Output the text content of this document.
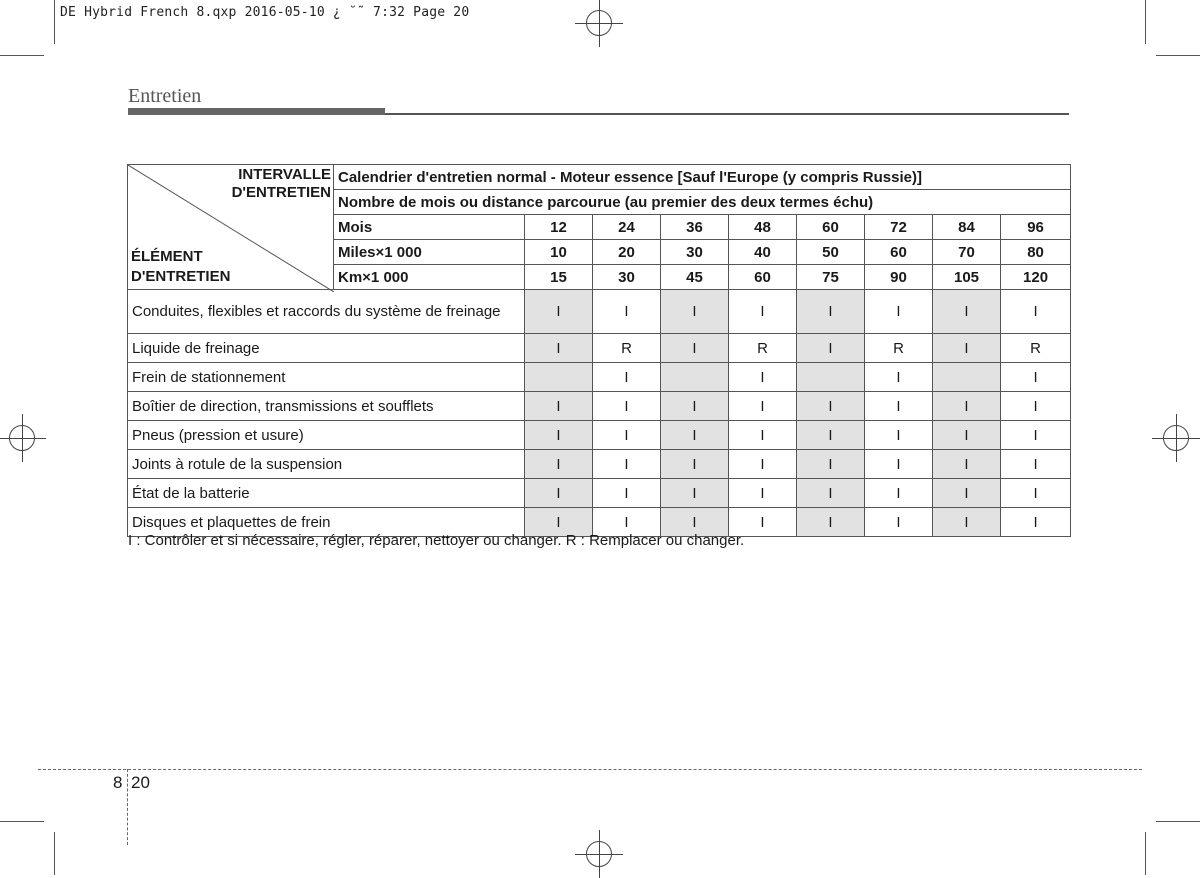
DE Hybrid French 8.qxp 2016-05-10 ¿ ˘˜ 7:32 Page 20
Entretien
INTERVALLE
D'ENTRETIEN
ÉLÉMENT
D'ENTRETIEN	Calendrier d'entretien normal - Moteur essence [Sauf l'Europe (y compris Russie)]								
	Nombre de mois ou distance parcourue (au premier des deux termes échu)								
	Mois	12	24	36	48	60	72	84	96
	Miles×1 000	10	20	30	40	50	60	70	80
	Km×1 000	15	30	45	60	75	90	105	120
Conduites, flexibles et raccords du système de freinage		I	I	I	I	I	I	I	I
Liquide de freinage		I	R	I	R	I	R	I	R
Frein de stationnement			I		I		I		I
Boîtier de direction, transmissions et soufflets		I	I	I	I	I	I	I	I
Pneus (pression et usure)		I	I	I	I	I	I	I	I
Joints à rotule de la suspension		I	I	I	I	I	I	I	I
État de la batterie		I	I	I	I	I	I	I	I
Disques et plaquettes de frein		I	I	I	I	I	I	I	I
I : Contrôler et si nécessaire, régler, réparer, nettoyer ou changer. R : Remplacer ou changer.
8 20
